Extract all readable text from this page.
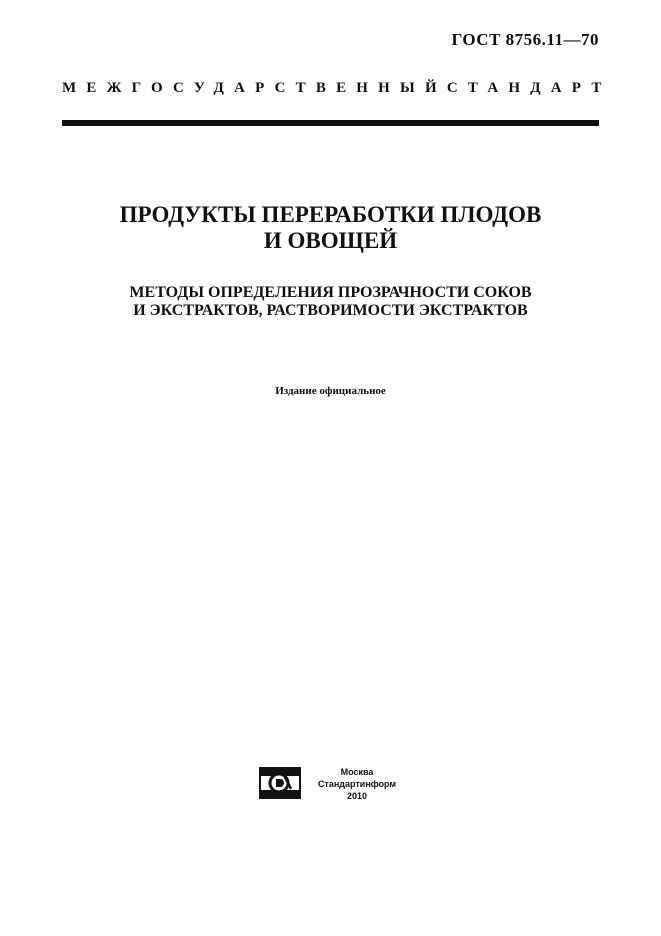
ГОСТ 8756.11—70
МЕЖГОСУДАРСТВЕННЫЙ СТАНДАРТ
ПРОДУКТЫ ПЕРЕРАБОТКИ ПЛОДОВ
И ОВОЩЕЙ
МЕТОДЫ ОПРЕДЕЛЕНИЯ ПРОЗРАЧНОСТИ СОКОВ
И ЭКСТРАКТОВ, РАСТВОРИМОСТИ ЭКСТРАКТОВ
Издание официальное
Москва
Стандартинформ
2010
